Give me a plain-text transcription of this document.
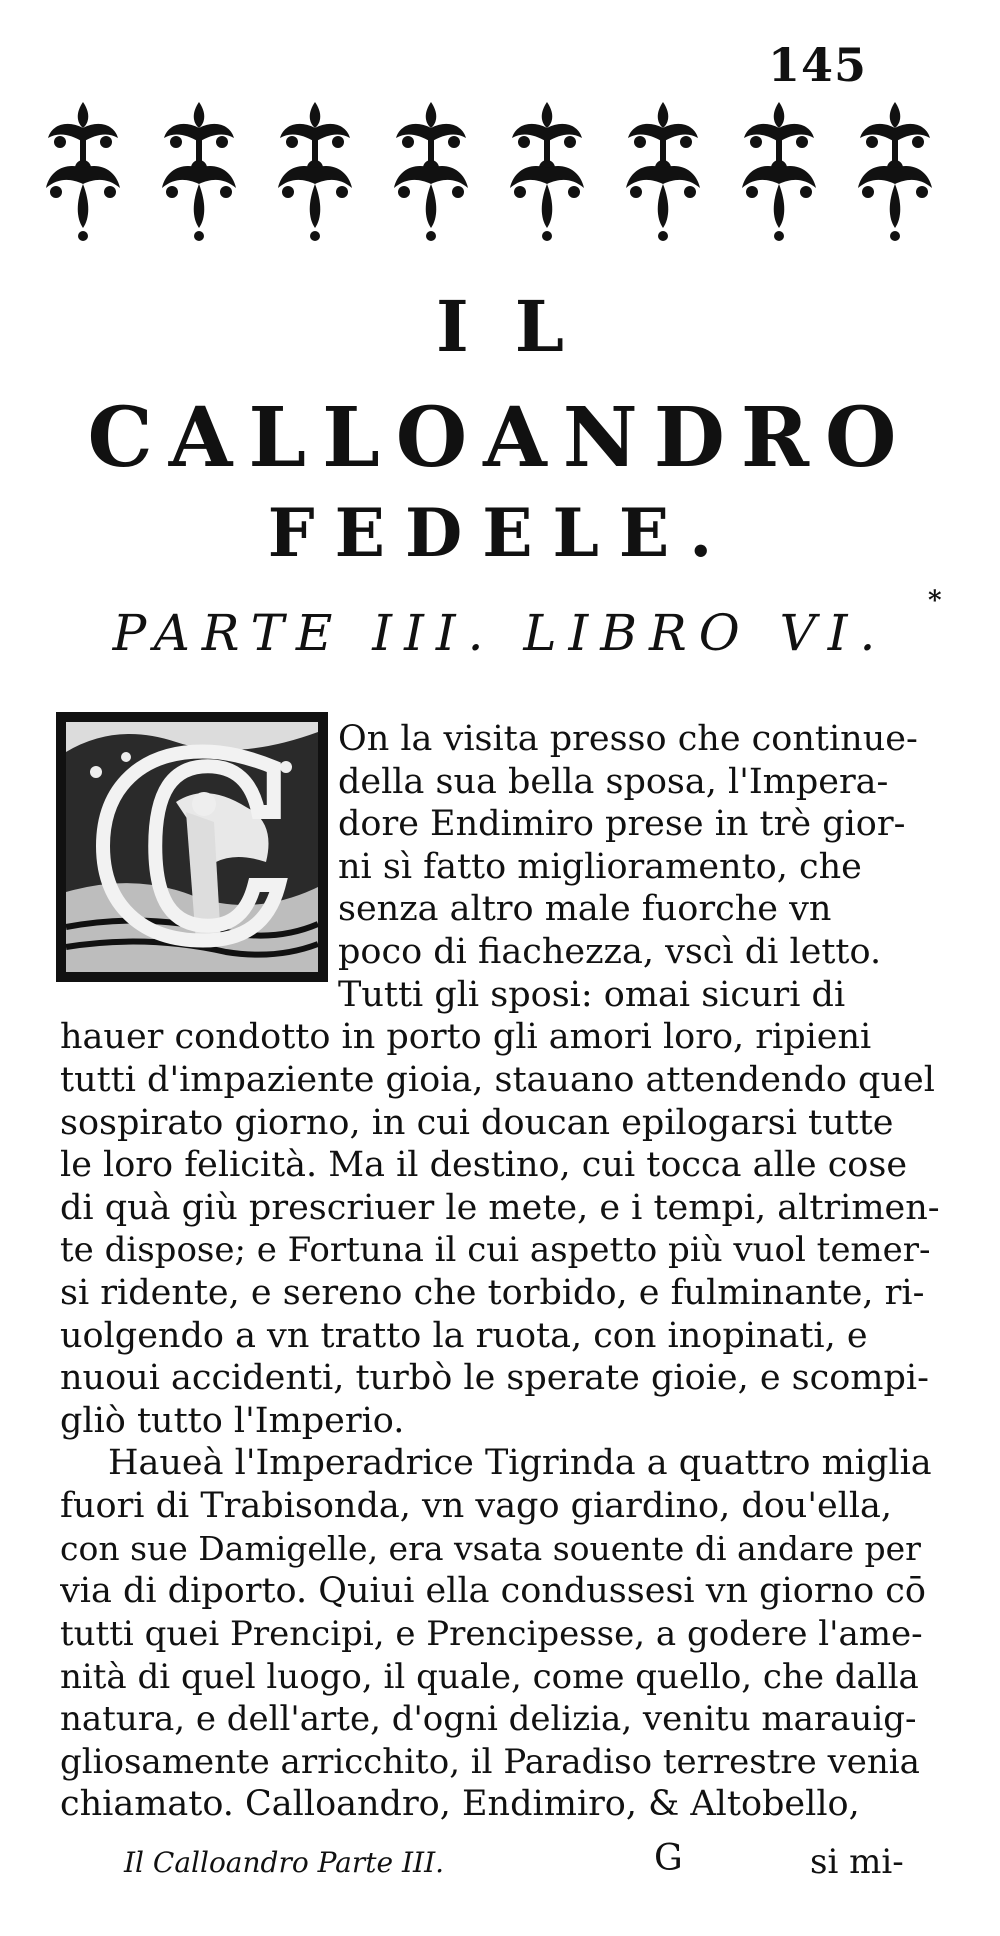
145
IL
CALLOANDRO
FEDELE.
PARTE III. LIBRO VI.
*
C On la visita presso che continue-
della sua bella sposa, l'Impera-
dore Endimiro prese in trè gior-
ni sì fatto miglioramento, che
senza altro male fuorche vn
poco di fiachezza, vscì di letto.
Tutti gli sposi: omai sicuri di
hauer condotto in porto gli amori loro, ripieni
tutti d'impaziente gioia, stauano attendendo quel
sospirato giorno, in cui doucan epilogarsi tutte
le loro felicità. Ma il destino, cui tocca alle cose
di quà giù prescriuer le mete, e i tempi, altrimen-
te dispose; e Fortuna il cui aspetto più vuol temer-
si ridente, e sereno che torbido, e fulminante, ri-
uolgendo a vn tratto la ruota, con inopinati, e
nuoui accidenti, turbò le sperate gioie, e scompi-
gliò tutto l'Imperio.
Haueà l'Imperadrice Tigrinda a quattro miglia
fuori di Trabisonda, vn vago giardino, dou'ella,
con sue Damigelle, era vsata souente di andare per
via di diporto. Quiui ella condussesi vn giorno cō
tutti quei Prencipi, e Prencipesse, a godere l'ame-
nità di quel luogo, il quale, come quello, che dalla
natura, e dell'arte, d'ogni delizia, venitu marauig-
gliosamente arricchito, il Paradiso terrestre venia
chiamato. Calloandro, Endimiro, & Altobello,
Il Calloandro Parte III.	G	si mi-
